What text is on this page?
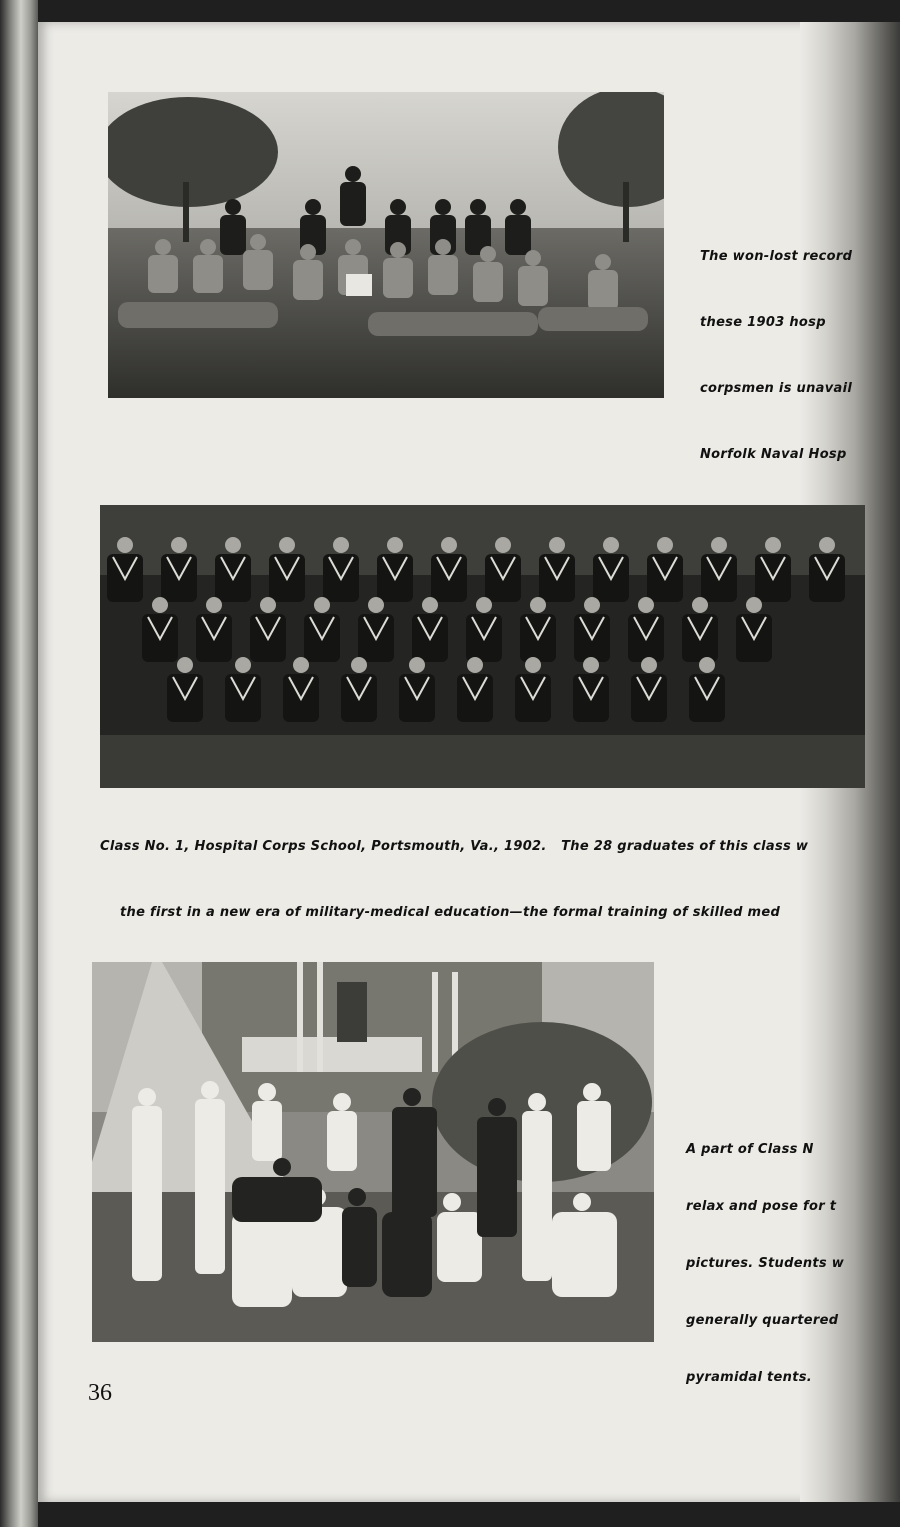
The won-lost record

these 1903 hosp

corpsmen is unavail

Norfolk Naval Hosp

Class No. 1, Hospital Corps School, Portsmouth, Va., 1902.   The 28 graduates of this class w

the first in a new era of military-medical education—the formal training of skilled med

A part of Class N

relax and pose for t

pictures. Students w

generally quartered

pyramidal tents.

36
